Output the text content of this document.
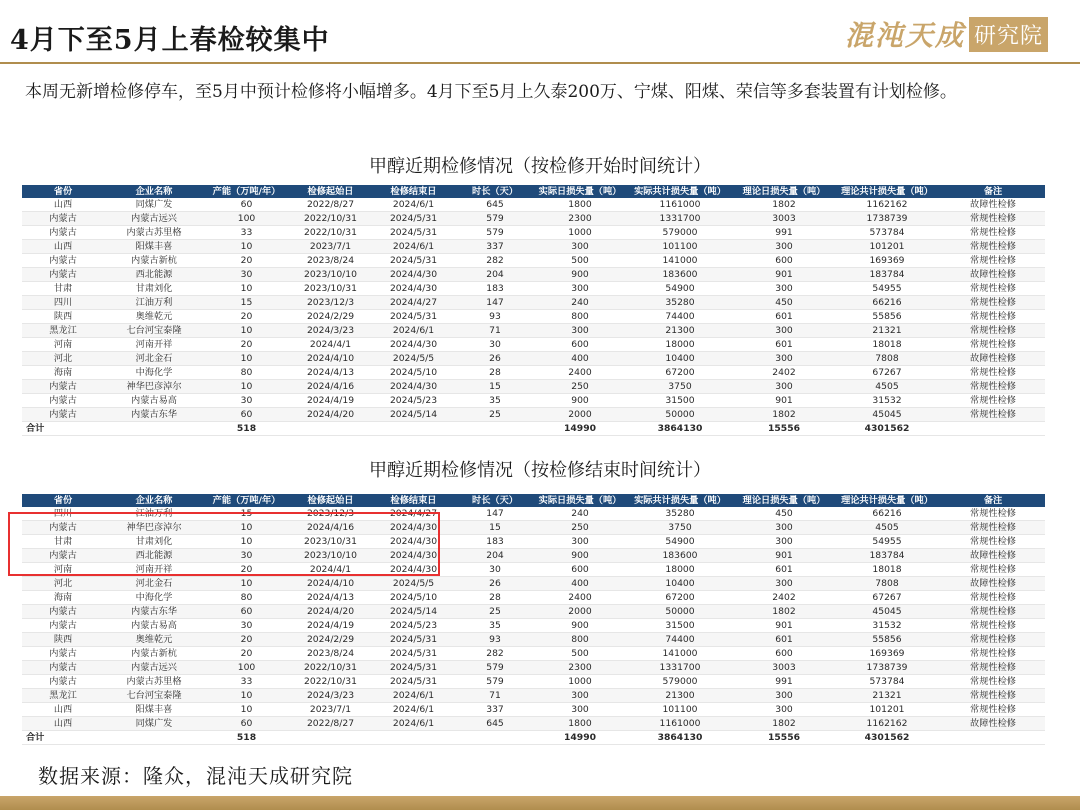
4月下至5月上春检较集中	混沌天成 研究院
本周无新增检修停车，至5月中预计检修将小幅增多。4月下至5月上久泰200万、宁煤、阳煤、荣信等多套装置有计划检修。
甲醇近期检修情况（按检修开始时间统计）
省份	企业名称	产能（万吨/年）	检修起始日	检修结束日	时长（天）	实际日损失量（吨）	实际共计损失量（吨）	理论日损失量（吨）	理论共计损失量（吨）	备注
山西	同煤广发	60	2022/8/27	2024/6/1	645	1800	1161000	1802	1162162	故障性检修
内蒙古	内蒙古远兴	100	2022/10/31	2024/5/31	579	2300	1331700	3003	1738739	常规性检修
内蒙古	内蒙古苏里格	33	2022/10/31	2024/5/31	579	1000	579000	991	573784	常规性检修
山西	阳煤丰喜	10	2023/7/1	2024/6/1	337	300	101100	300	101201	常规性检修
内蒙古	内蒙古新杭	20	2023/8/24	2024/5/31	282	500	141000	600	169369	常规性检修
内蒙古	西北能源	30	2023/10/10	2024/4/30	204	900	183600	901	183784	故障性检修
甘肃	甘肃刘化	10	2023/10/31	2024/4/30	183	300	54900	300	54955	常规性检修
四川	江油万利	15	2023/12/3	2024/4/27	147	240	35280	450	66216	常规性检修
陕西	奥维乾元	20	2024/2/29	2024/5/31	93	800	74400	601	55856	常规性检修
黑龙江	七台河宝泰隆	10	2024/3/23	2024/6/1	71	300	21300	300	21321	常规性检修
河南	河南开祥	20	2024/4/1	2024/4/30	30	600	18000	601	18018	常规性检修
河北	河北金石	10	2024/4/10	2024/5/5	26	400	10400	300	7808	故障性检修
海南	中海化学	80	2024/4/13	2024/5/10	28	2400	67200	2402	67267	常规性检修
内蒙古	神华巴彦淖尔	10	2024/4/16	2024/4/30	15	250	3750	300	4505	常规性检修
内蒙古	内蒙古易高	30	2024/4/19	2024/5/23	35	900	31500	901	31532	常规性检修
内蒙古	内蒙古东华	60	2024/4/20	2024/5/14	25	2000	50000	1802	45045	常规性检修
合计		518				14990	3864130	15556	4301562	
甲醇近期检修情况（按检修结束时间统计）
省份	企业名称	产能（万吨/年）	检修起始日	检修结束日	时长（天）	实际日损失量（吨）	实际共计损失量（吨）	理论日损失量（吨）	理论共计损失量（吨）	备注
四川	江油万利	15	2023/12/3	2024/4/27	147	240	35280	450	66216	常规性检修
内蒙古	神华巴彦淖尔	10	2024/4/16	2024/4/30	15	250	3750	300	4505	常规性检修
甘肃	甘肃刘化	10	2023/10/31	2024/4/30	183	300	54900	300	54955	常规性检修
内蒙古	西北能源	30	2023/10/10	2024/4/30	204	900	183600	901	183784	故障性检修
河南	河南开祥	20	2024/4/1	2024/4/30	30	600	18000	601	18018	常规性检修
河北	河北金石	10	2024/4/10	2024/5/5	26	400	10400	300	7808	故障性检修
海南	中海化学	80	2024/4/13	2024/5/10	28	2400	67200	2402	67267	常规性检修
内蒙古	内蒙古东华	60	2024/4/20	2024/5/14	25	2000	50000	1802	45045	常规性检修
内蒙古	内蒙古易高	30	2024/4/19	2024/5/23	35	900	31500	901	31532	常规性检修
陕西	奥维乾元	20	2024/2/29	2024/5/31	93	800	74400	601	55856	常规性检修
内蒙古	内蒙古新杭	20	2023/8/24	2024/5/31	282	500	141000	600	169369	常规性检修
内蒙古	内蒙古远兴	100	2022/10/31	2024/5/31	579	2300	1331700	3003	1738739	常规性检修
内蒙古	内蒙古苏里格	33	2022/10/31	2024/5/31	579	1000	579000	991	573784	常规性检修
黑龙江	七台河宝泰隆	10	2024/3/23	2024/6/1	71	300	21300	300	21321	常规性检修
山西	阳煤丰喜	10	2023/7/1	2024/6/1	337	300	101100	300	101201	常规性检修
山西	同煤广发	60	2022/8/27	2024/6/1	645	1800	1161000	1802	1162162	故障性检修
合计		518				14990	3864130	15556	4301562	
数据来源：隆众，混沌天成研究院
